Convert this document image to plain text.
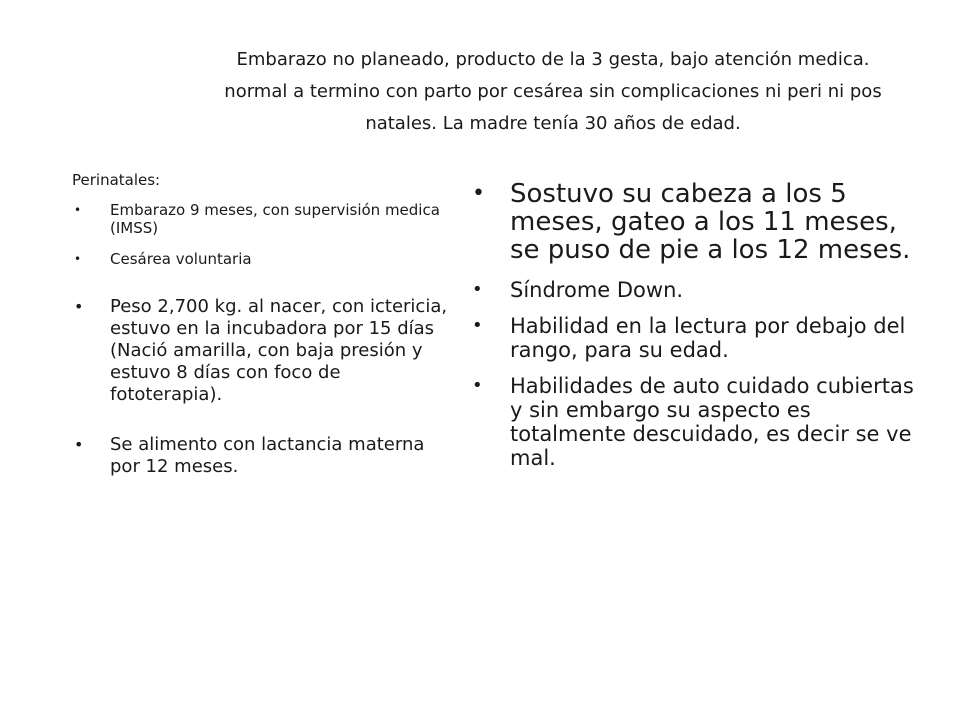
Embarazo no planeado, producto de la 3 gesta, bajo atención medica.

normal a termino con parto por cesárea sin complicaciones ni peri ni pos

natales. La madre tenía 30 años de edad.

Perinatales:
• Embarazo 9 meses, con supervisión medica (IMSS)
• Cesárea voluntaria
• Peso 2,700 kg. al nacer, con ictericia, estuvo en la incubadora por 15 días (Nació amarilla, con baja presión y estuvo 8 días con foco de fototerapia).
• Se alimento con lactancia materna por 12 meses.
• Sostuvo su cabeza a los 5 meses, gateo a los 11 meses, se puso de pie a los 12 meses.
• Síndrome Down.
• Habilidad en la lectura por debajo del rango, para su edad.
• Habilidades de auto cuidado cubiertas y sin embargo su aspecto es totalmente descuidado, es decir se ve mal.
